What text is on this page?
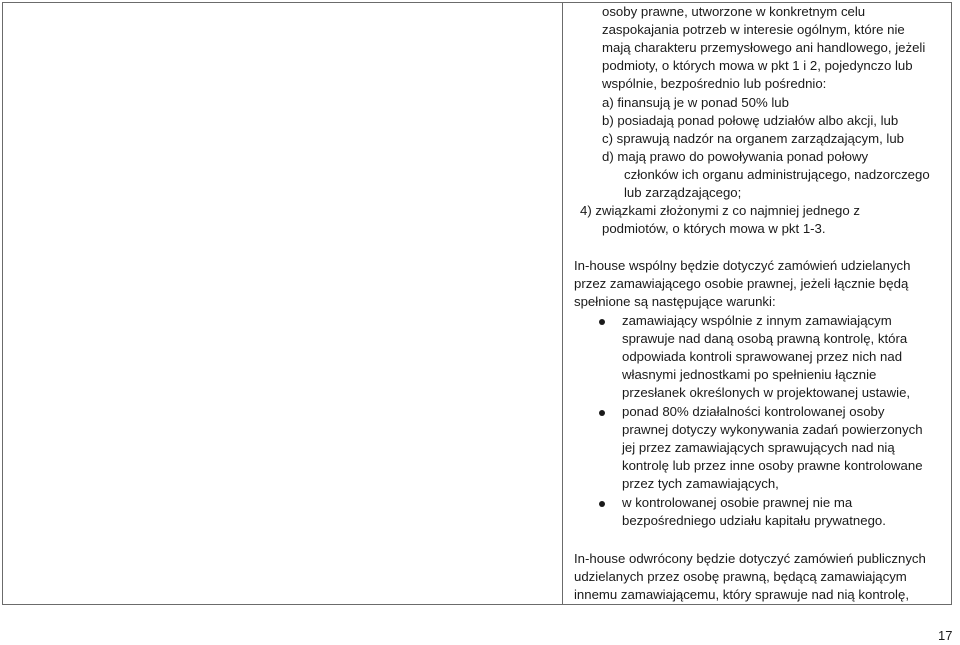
osoby prawne, utworzone w konkretnym celu
zaspokajania potrzeb w interesie ogólnym, które nie
mają charakteru przemysłowego ani handlowego, jeżeli
podmioty, o których mowa w pkt 1 i 2, pojedynczo lub
wspólnie, bezpośrednio lub pośrednio:
a) finansują je w ponad 50% lub
b) posiadają ponad połowę udziałów albo akcji, lub
c) sprawują nadzór na organem zarządzającym, lub
d) mają prawo do powoływania ponad połowy
członków ich organu administrującego, nadzorczego
lub zarządzającego;
4) związkami złożonymi z co najmniej jednego z
podmiotów, o których mowa w pkt 1-3.
In-house wspólny będzie dotyczyć zamówień udzielanych
przez zamawiającego osobie prawnej, jeżeli łącznie będą
spełnione są następujące warunki:
zamawiający wspólnie z innym zamawiającym
sprawuje nad daną osobą prawną kontrolę, która
odpowiada kontroli sprawowanej przez nich nad
własnymi jednostkami po spełnieniu łącznie
przesłanek określonych w projektowanej ustawie,
ponad 80% działalności kontrolowanej osoby
prawnej dotyczy wykonywania zadań powierzonych
jej przez zamawiających sprawujących nad nią
kontrolę lub przez inne osoby prawne kontrolowane
przez tych zamawiających,
w kontrolowanej osobie prawnej nie ma
bezpośredniego udziału kapitału prywatnego.
In-house odwrócony będzie dotyczyć zamówień publicznych
udzielanych przez osobę prawną, będącą zamawiającym
innemu zamawiającemu, który sprawuje nad nią kontrolę,
17
